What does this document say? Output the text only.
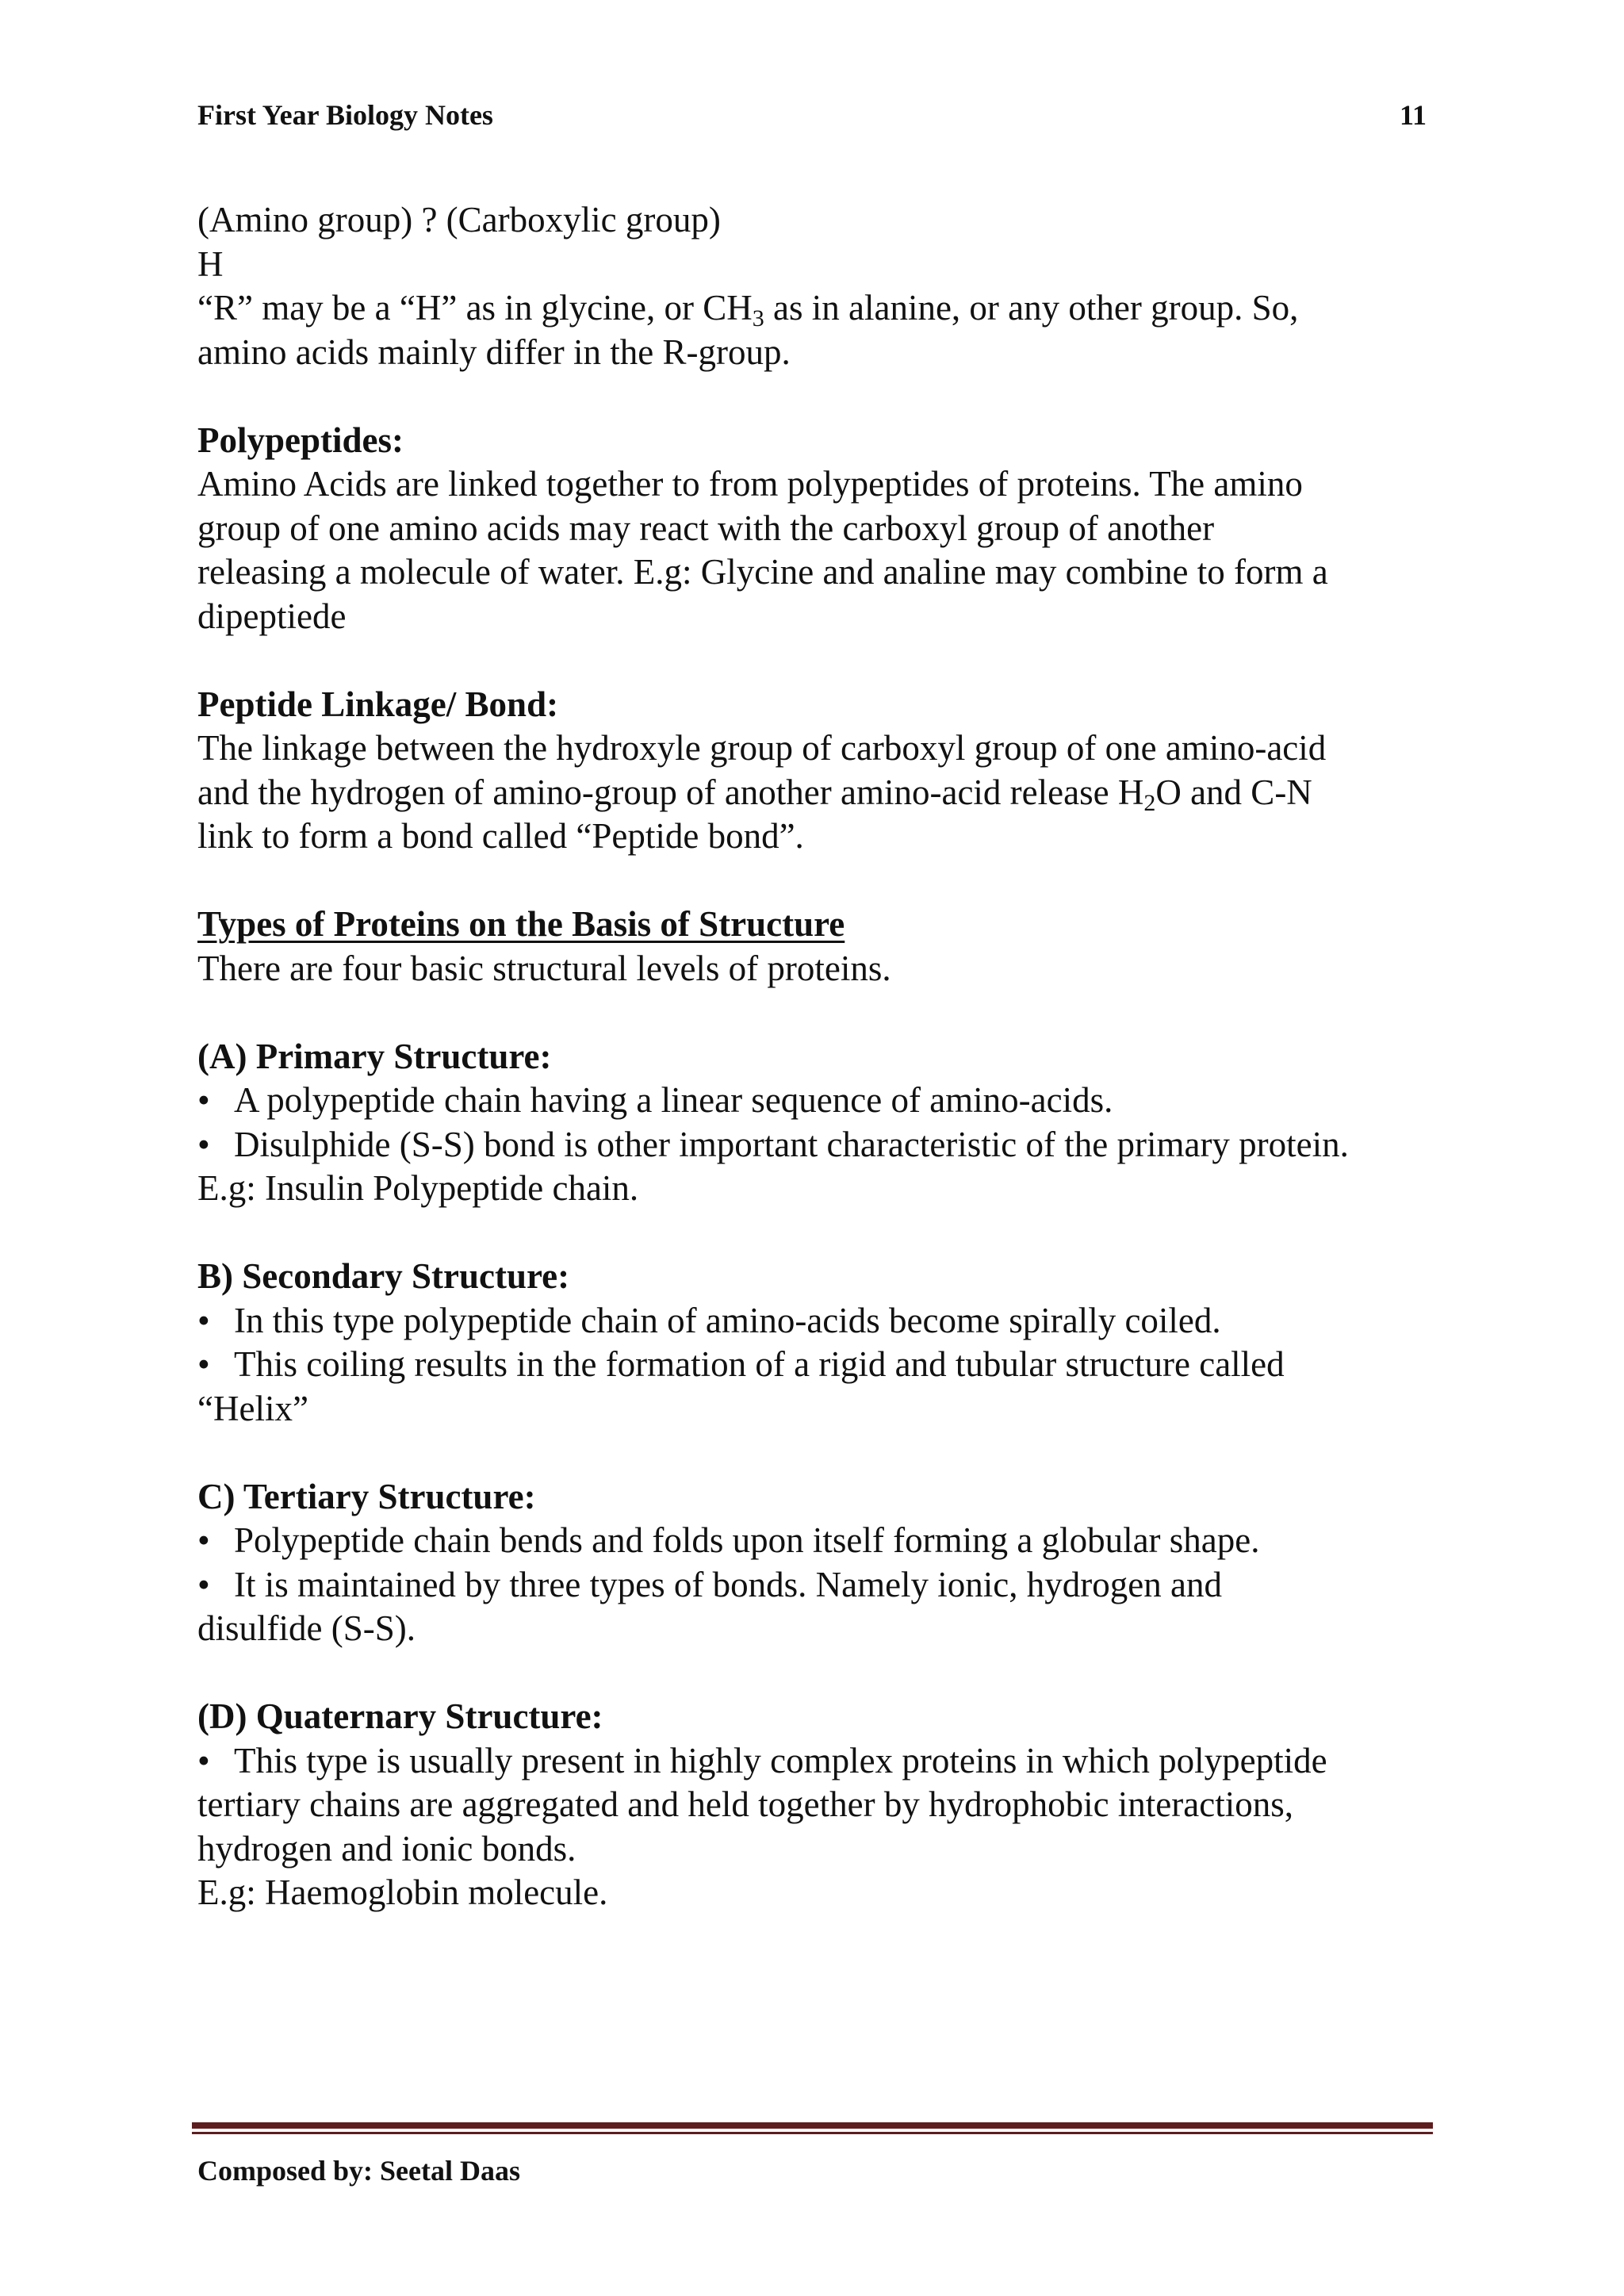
First Year Biology Notes	11

(Amino group) ? (Carboxylic group)

H

“R” may be a “H” as in glycine, or $CH_3$ as in alanine, or any other group. So,

amino acids mainly differ in the R-group.

Polypeptides:

Amino Acids are linked together to from polypeptides of proteins. The amino

group of one amino acids may react with the carboxyl group of another

releasing a molecule of water. E.g: Glycine and analine may combine to form a

dipeptiede

Peptide Linkage/ Bond:

The linkage between the hydroxyle group of carboxyl group of one amino-acid

and the hydrogen of amino-group of another amino-acid release $H_2O$ and C-N

link to form a bond called “Peptide bond”.

Types of Proteins on the Basis of Structure

There are four basic structural levels of proteins.

(A) Primary Structure:

• A polypeptide chain having a linear sequence of amino-acids.
• Disulphide (S-S) bond is other important characteristic of the primary protein.

E.g: Insulin Polypeptide chain.

B) Secondary Structure:

• In this type polypeptide chain of amino-acids become spirally coiled.
• This coiling results in the formation of a rigid and tubular structure called

“Helix”

C) Tertiary Structure:

• Polypeptide chain bends and folds upon itself forming a globular shape.
• It is maintained by three types of bonds. Namely ionic, hydrogen and

disulfide (S-S).

(D) Quaternary Structure:

• This type is usually present in highly complex proteins in which polypeptide

tertiary chains are aggregated and held together by hydrophobic interactions,

hydrogen and ionic bonds.

E.g: Haemoglobin molecule.

Composed by: Seetal Daas
